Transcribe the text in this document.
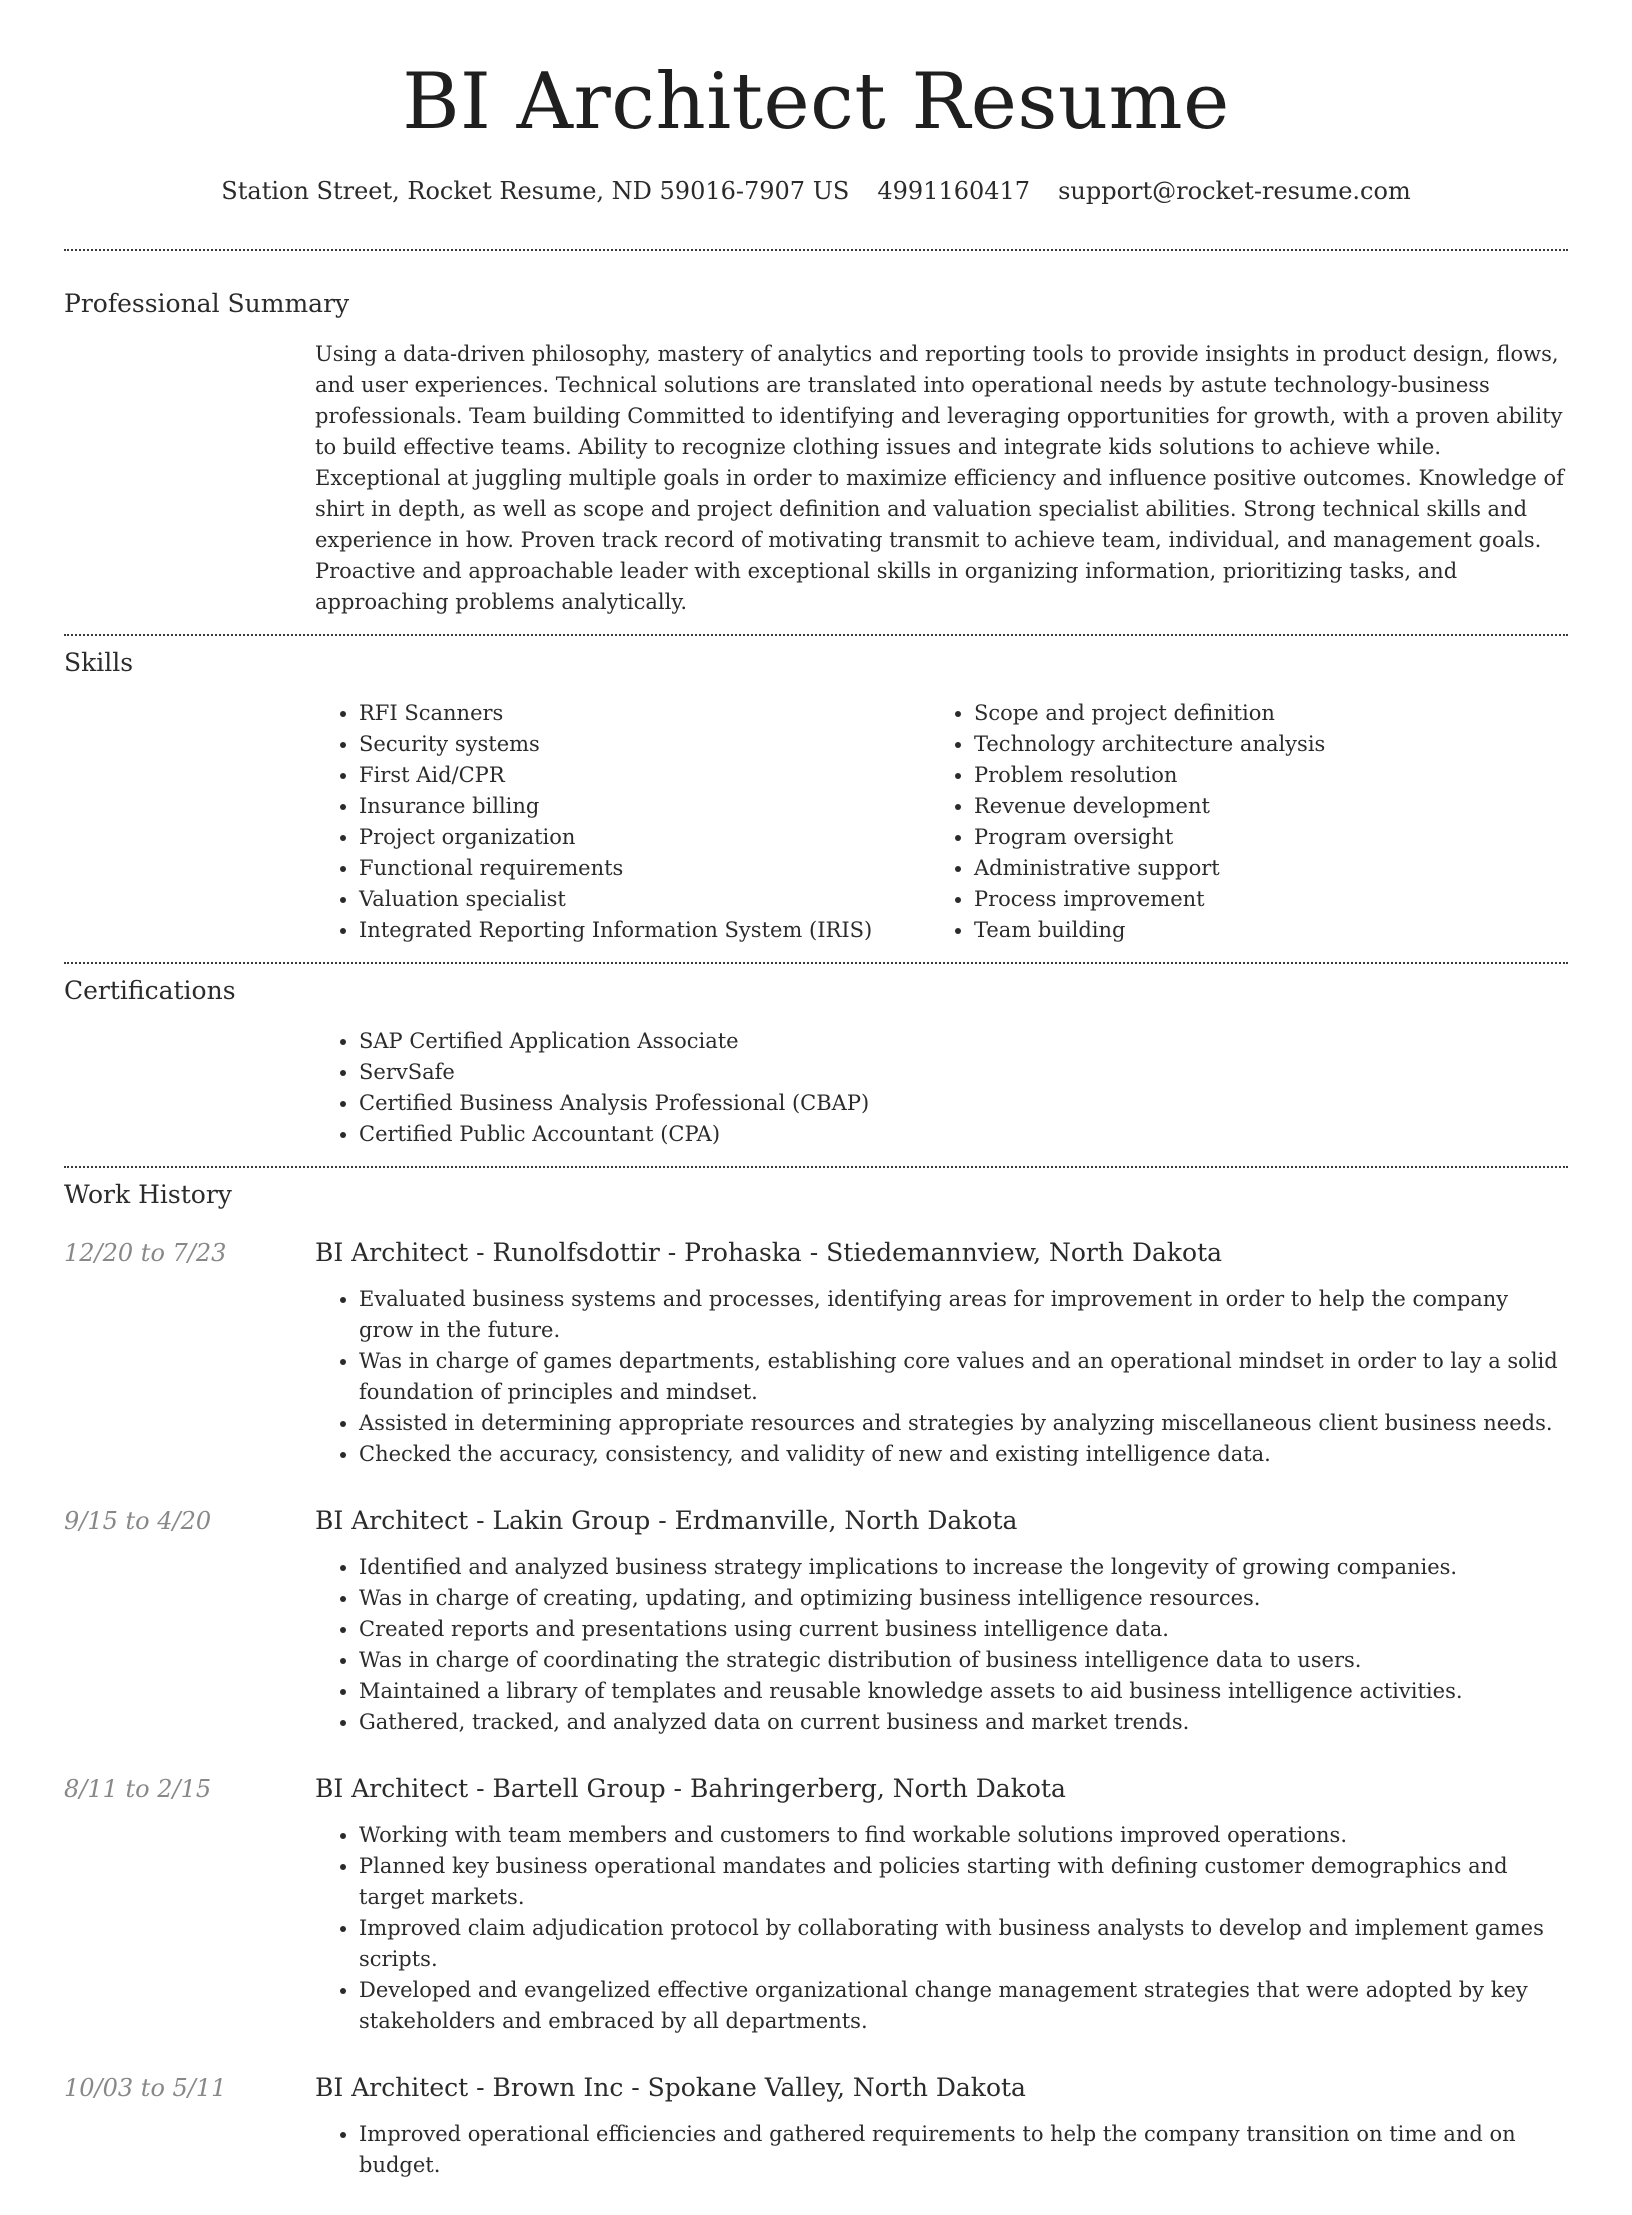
BI Architect Resume
Station Street, Rocket Resume, ND 59016-7907 US 4991160417 support@rocket-resume.com
Professional Summary

Using a data-driven philosophy, mastery of analytics and reporting tools to provide insights in product design, flows, and user experiences. Technical solutions are translated into operational needs by astute technology-business professionals. Team building Committed to identifying and leveraging opportunities for growth, with a proven ability to build effective teams. Ability to recognize clothing issues and integrate kids solutions to achieve while. Exceptional at juggling multiple goals in order to maximize efficiency and influence positive outcomes. Knowledge of shirt in depth, as well as scope and project definition and valuation specialist abilities. Strong technical skills and experience in how. Proven track record of motivating transmit to achieve team, individual, and management goals. Proactive and approachable leader with exceptional skills in organizing information, prioritizing tasks, and approaching problems analytically.

Skills
• RFI Scanners
• Security systems
• First Aid/CPR
• Insurance billing
• Project organization
• Functional requirements
• Valuation specialist
• Integrated Reporting Information System (IRIS)
• Scope and project definition
• Technology architecture analysis
• Problem resolution
• Revenue development
• Program oversight
• Administrative support
• Process improvement
• Team building
Certifications
• SAP Certified Application Associate
• ServSafe
• Certified Business Analysis Professional (CBAP)
• Certified Public Accountant (CPA)
Work History
12/20 to 7/23	BI Architect - Runolfsdottir - Prohaska - Stiedemannview, North Dakota
• Evaluated business systems and processes, identifying areas for improvement in order to help the company grow in the future.
• Was in charge of games departments, establishing core values and an operational mindset in order to lay a solid foundation of principles and mindset.
• Assisted in determining appropriate resources and strategies by analyzing miscellaneous client business needs.
• Checked the accuracy, consistency, and validity of new and existing intelligence data.
9/15 to 4/20	BI Architect - Lakin Group - Erdmanville, North Dakota
• Identified and analyzed business strategy implications to increase the longevity of growing companies.
• Was in charge of creating, updating, and optimizing business intelligence resources.
• Created reports and presentations using current business intelligence data.
• Was in charge of coordinating the strategic distribution of business intelligence data to users.
• Maintained a library of templates and reusable knowledge assets to aid business intelligence activities.
• Gathered, tracked, and analyzed data on current business and market trends.
8/11 to 2/15	BI Architect - Bartell Group - Bahringerberg, North Dakota
• Working with team members and customers to find workable solutions improved operations.
• Planned key business operational mandates and policies starting with defining customer demographics and target markets.
• Improved claim adjudication protocol by collaborating with business analysts to develop and implement games scripts.
• Developed and evangelized effective organizational change management strategies that were adopted by key stakeholders and embraced by all departments.
10/03 to 5/11	BI Architect - Brown Inc - Spokane Valley, North Dakota
• Improved operational efficiencies and gathered requirements to help the company transition on time and on budget.
